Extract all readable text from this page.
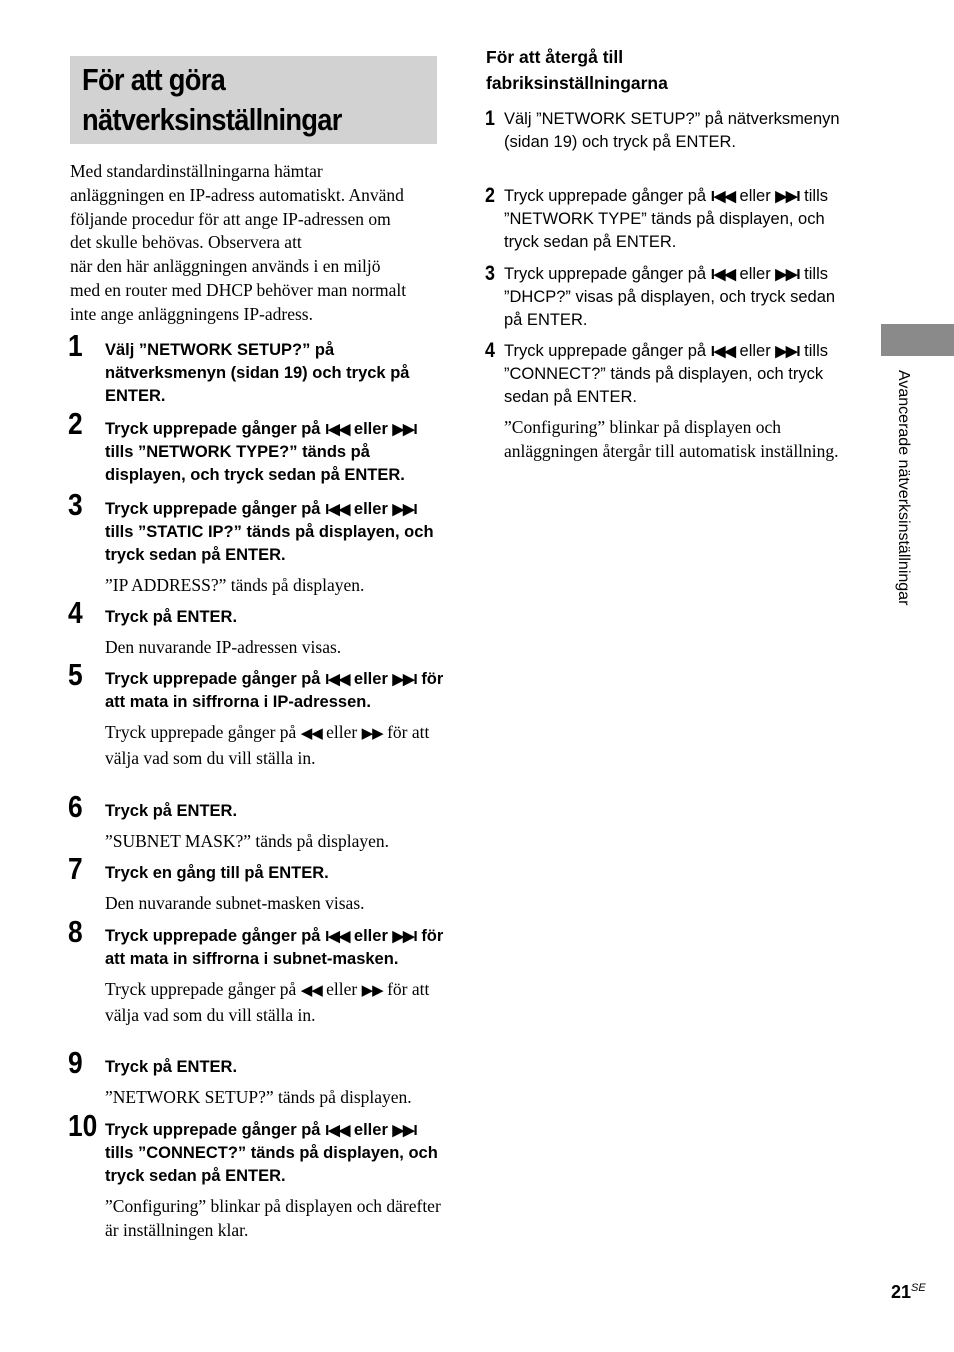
För att göra
nätverksinställningar

Med standardinställningarna hämtar
anläggningen en IP-adress automatiskt. Använd
följande procedur för att ange IP-adressen om
det skulle behövas. Observera att
när den här anläggningen används i en miljö
med en router med DHCP behöver man normalt
inte ange anläggningens IP-adress.

1 Välj ”NETWORK SETUP?” på nätverksmenyn (sidan 19) och tryck på ENTER.

2 Tryck upprepade gånger på I◀◀ eller ▶▶I tills ”NETWORK TYPE?” tänds på displayen, och tryck sedan på ENTER.

3 Tryck upprepade gånger på I◀◀ eller ▶▶I tills ”STATIC IP?” tänds på displayen, och tryck sedan på ENTER.

”IP ADDRESS?” tänds på displayen.

4 Tryck på ENTER.

Den nuvarande IP-adressen visas.

5 Tryck upprepade gånger på I◀◀ eller ▶▶I för att mata in siffrorna i IP-adressen.

Tryck upprepade gånger på ◀◀ eller ▶▶ för att välja vad som du vill ställa in.

6 Tryck på ENTER.

”SUBNET MASK?” tänds på displayen.

7 Tryck en gång till på ENTER.

Den nuvarande subnet-masken visas.

8 Tryck upprepade gånger på I◀◀ eller ▶▶I för att mata in siffrorna i subnet-masken.

Tryck upprepade gånger på ◀◀ eller ▶▶ för att välja vad som du vill ställa in.

9 Tryck på ENTER.

”NETWORK SETUP?” tänds på displayen.

10 Tryck upprepade gånger på I◀◀ eller ▶▶I tills ”CONNECT?” tänds på displayen, och tryck sedan på ENTER.

”Configuring” blinkar på displayen och därefter är inställningen klar.

För att återgå till
fabriksinställningarna
1 Välj ”NETWORK SETUP?” på nätverksmenyn (sidan 19) och tryck på ENTER.

2 Tryck upprepade gånger på I◀◀ eller ▶▶I tills ”NETWORK TYPE” tänds på displayen, och tryck sedan på ENTER.

3 Tryck upprepade gånger på I◀◀ eller ▶▶I tills ”DHCP?” visas på displayen, och tryck sedan på ENTER.

4 Tryck upprepade gånger på I◀◀ eller ▶▶I tills ”CONNECT?” tänds på displayen, och tryck sedan på ENTER.

”Configuring” blinkar på displayen och anläggningen återgår till automatisk inställning.	Avancerade nätverksinställningar
$21^{SE}$
